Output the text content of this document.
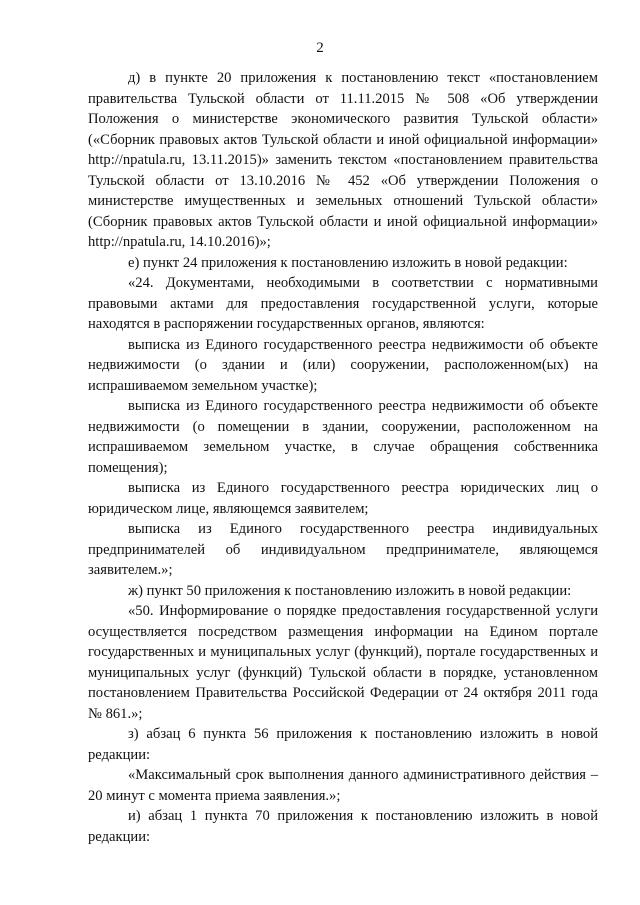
2

д) в пункте 20 приложения к постановлению текст «постановлением правительства Тульской области от 11.11.2015 № 508 «Об утверждении Положения о министерстве экономического развития Тульской области» («Сборник правовых актов Тульской области и иной официальной информации» http://npatula.ru, 13.11.2015)» заменить текстом «постановлением правительства Тульской области от 13.10.2016 № 452 «Об утверждении Положения о министерстве имущественных и земельных отношений Тульской области» (Сборник правовых актов Тульской области и иной официальной информации» http://npatula.ru, 14.10.2016)»;

е) пункт 24 приложения к постановлению изложить в новой редакции:

«24. Документами, необходимыми в соответствии с нормативными правовыми актами для предоставления государственной услуги, которые находятся в распоряжении государственных органов, являются:

выписка из Единого государственного реестра недвижимости об объекте недвижимости (о здании и (или) сооружении, расположенном(ых) на испрашиваемом земельном участке);

выписка из Единого государственного реестра недвижимости об объекте недвижимости (о помещении в здании, сооружении, расположенном на испрашиваемом земельном участке, в случае обращения собственника помещения);

выписка из Единого государственного реестра юридических лиц о юридическом лице, являющемся заявителем;

выписка из Единого государственного реестра индивидуальных предпринимателей об индивидуальном предпринимателе, являющемся заявителем.»;

ж) пункт 50 приложения к постановлению изложить в новой редакции:

«50. Информирование о порядке предоставления государственной услуги осуществляется посредством размещения информации на Едином портале государственных и муниципальных услуг (функций), портале государственных и муниципальных услуг (функций) Тульской области в порядке, установленном постановлением Правительства Российской Федерации от 24 октября 2011 года № 861.»;

з) абзац 6 пункта 56 приложения к постановлению изложить в новой редакции:

«Максимальный срок выполнения данного административного действия – 20 минут с момента приема заявления.»;

и) абзац 1 пункта 70 приложения к постановлению изложить в новой редакции:
